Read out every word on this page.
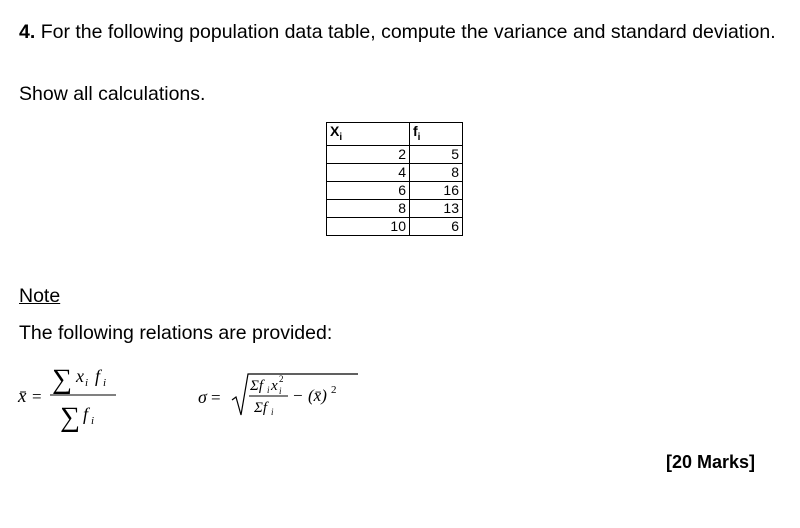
4. For the following population data table, compute the variance and standard deviation.
Show all calculations.
$X_i$	$f_i$
2	5
4	8
6	16
8	13
10	6
Note
The following relations are provided:
x̄ =
∑ x i f i
∑ f i
σ =
Σf i x 2
i
Σf i
− (x̄) 2
[20 Marks]
